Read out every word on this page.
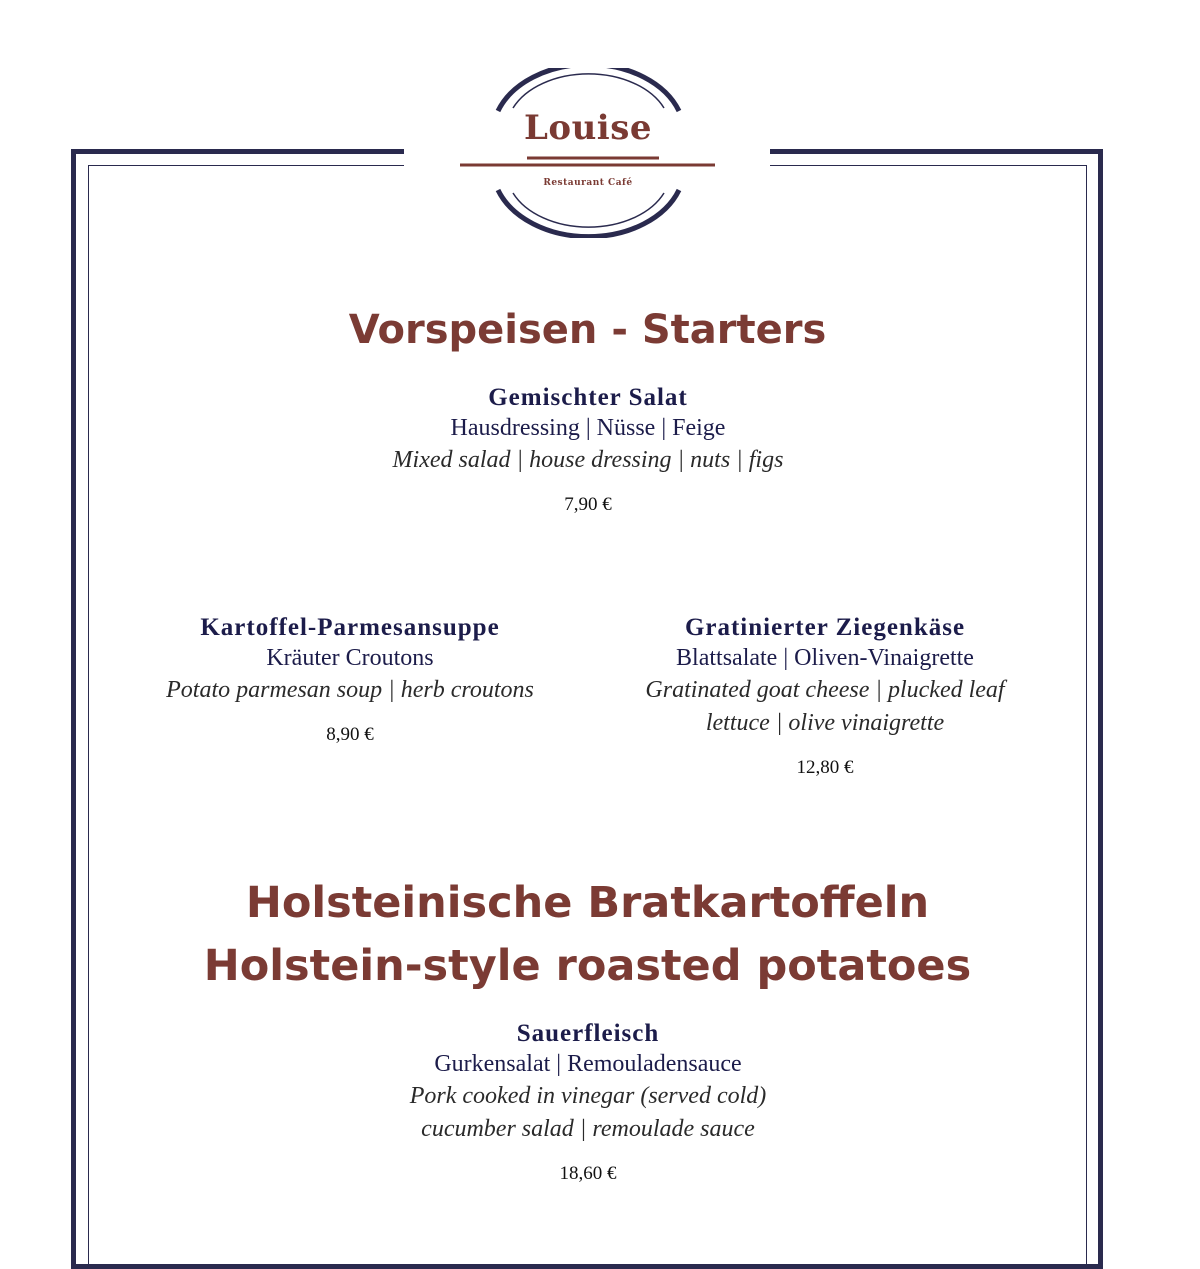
Louise
Restaurant Café
Vorspeisen - Starters

Gemischter Salat

Hausdressing | Nüsse | Feige

Mixed salad | house dressing | nuts | figs

7,90 €

Kartoffel-Parmesansuppe

Kräuter Croutons

Potato parmesan soup | herb croutons

8,90 €

Gratinierter Ziegenkäse

Blattsalate | Oliven-Vinaigrette

Gratinated goat cheese | plucked leaf

lettuce | olive vinaigrette

12,80 €

Holsteinische Bratkartoffeln
Holstein-style roasted potatoes

Sauerfleisch

Gurkensalat | Remouladensauce

Pork cooked in vinegar (served cold)

cucumber salad | remoulade sauce

18,60 €
